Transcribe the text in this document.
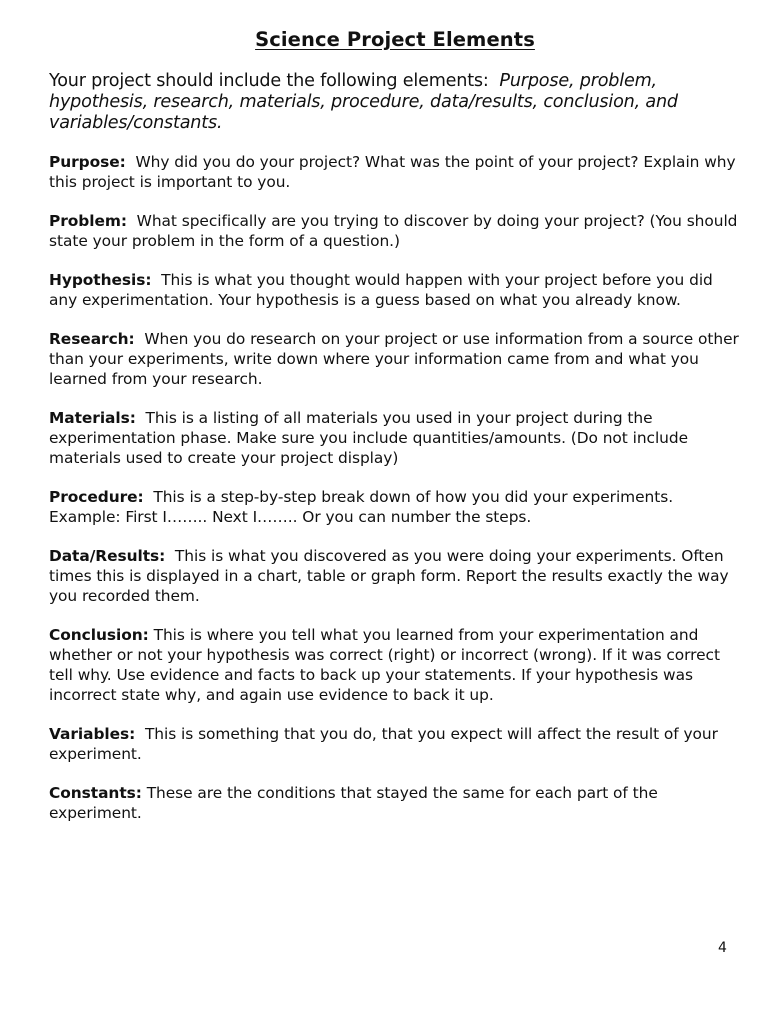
Science Project Elements

Your project should include the following elements: Purpose, problem, hypothesis, research, materials, procedure, data/results, conclusion, and variables/constants.

Purpose: Why did you do your project? What was the point of your project? Explain why this project is important to you.

Problem: What specifically are you trying to discover by doing your project? (You should state your problem in the form of a question.)

Hypothesis: This is what you thought would happen with your project before you did any experimentation. Your hypothesis is a guess based on what you already know.

Research: When you do research on your project or use information from a source other than your experiments, write down where your information came from and what you learned from your research.

Materials: This is a listing of all materials you used in your project during the experimentation phase. Make sure you include quantities/amounts. (Do not include materials used to create your project display)

Procedure: This is a step-by-step break down of how you did your experiments. Example: First I…….. Next I…….. Or you can number the steps.

Data/Results: This is what you discovered as you were doing your experiments. Often times this is displayed in a chart, table or graph form. Report the results exactly the way you recorded them.

Conclusion: This is where you tell what you learned from your experimentation and whether or not your hypothesis was correct (right) or incorrect (wrong). If it was correct tell why. Use evidence and facts to back up your statements. If your hypothesis was incorrect state why, and again use evidence to back it up.

Variables: This is something that you do, that you expect will affect the result of your experiment.

Constants: These are the conditions that stayed the same for each part of the experiment.

4
